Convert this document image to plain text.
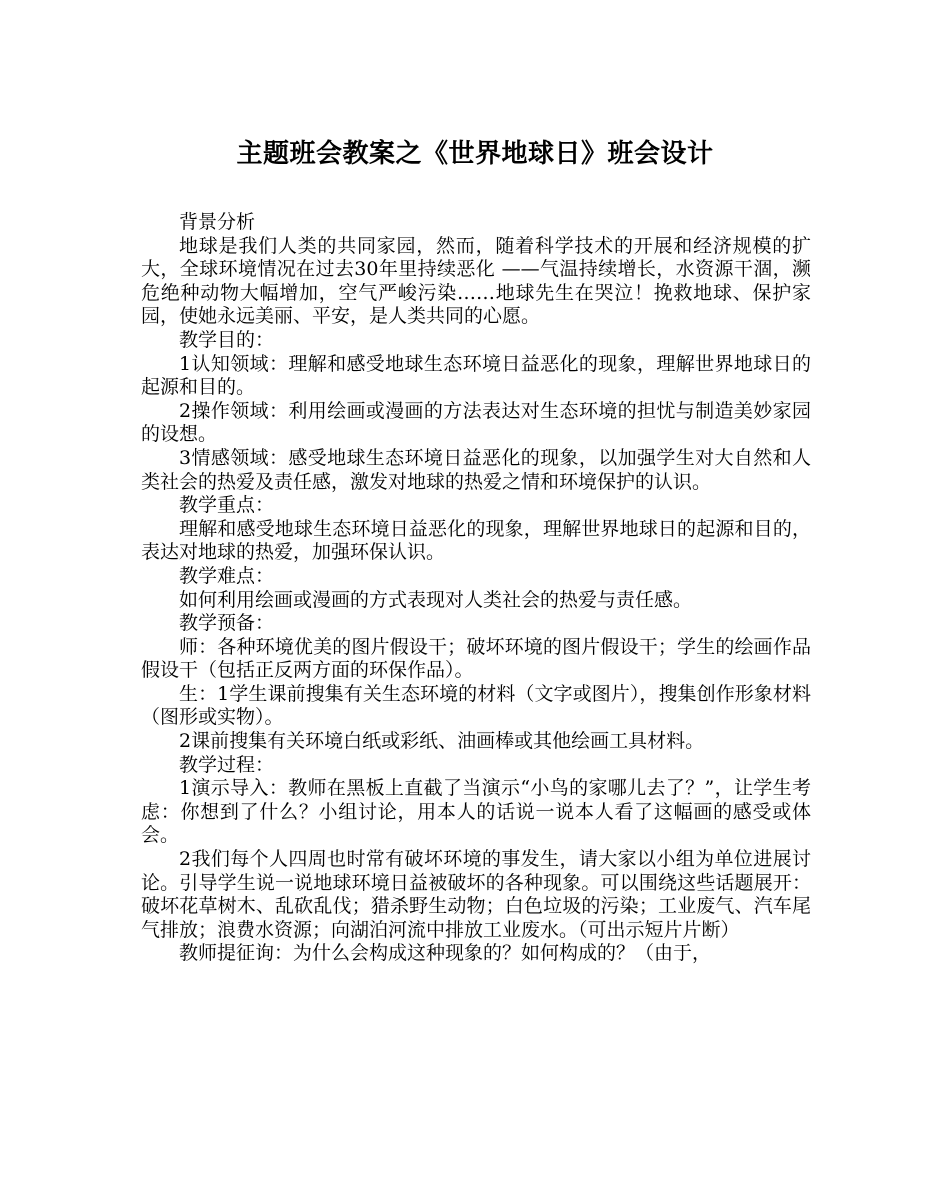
主题班会教案之《世界地球日》班会设计

背景分析

地球是我们人类的共同家园，然而，随着科学技术的开展和经济规模的扩大，全球环境情况在过去30年里持续恶化 ——气温持续增长，水资源干涸，濒危绝种动物大幅增加，空气严峻污染……地球先生在哭泣！挽救地球、保护家园，使她永远美丽、平安，是人类共同的心愿。

教学目的：

1认知领域：理解和感受地球生态环境日益恶化的现象，理解世界地球日的起源和目的。

2操作领域：利用绘画或漫画的方法表达对生态环境的担忧与制造美妙家园的设想。

3情感领域：感受地球生态环境日益恶化的现象，以加强学生对大自然和人类社会的热爱及责任感，激发对地球的热爱之情和环境保护的认识。

教学重点：

理解和感受地球生态环境日益恶化的现象，理解世界地球日的起源和目的，表达对地球的热爱，加强环保认识。

教学难点：

如何利用绘画或漫画的方式表现对人类社会的热爱与责任感。

教学预备：

师：各种环境优美的图片假设干；破坏环境的图片假设干；学生的绘画作品假设干（包括正反两方面的环保作品）。

生：1学生课前搜集有关生态环境的材料（文字或图片），搜集创作形象材料（图形或实物）。

2课前搜集有关环境白纸或彩纸、油画棒或其他绘画工具材料。

教学过程：

1演示导入：教师在黑板上直截了当演示“小鸟的家哪儿去了？”，让学生考虑：你想到了什么？小组讨论，用本人的话说一说本人看了这幅画的感受或体会。

2我们每个人四周也时常有破坏环境的事发生，请大家以小组为单位进展讨论。引导学生说一说地球环境日益被破坏的各种现象。可以围绕这些话题展开：破坏花草树木、乱砍乱伐；猎杀野生动物；白色垃圾的污染；工业废气、汽车尾气排放；浪费水资源；向湖泊河流中排放工业废水。（可出示短片片断）

教师提征询：为什么会构成这种现象的？如何构成的？（由于，
